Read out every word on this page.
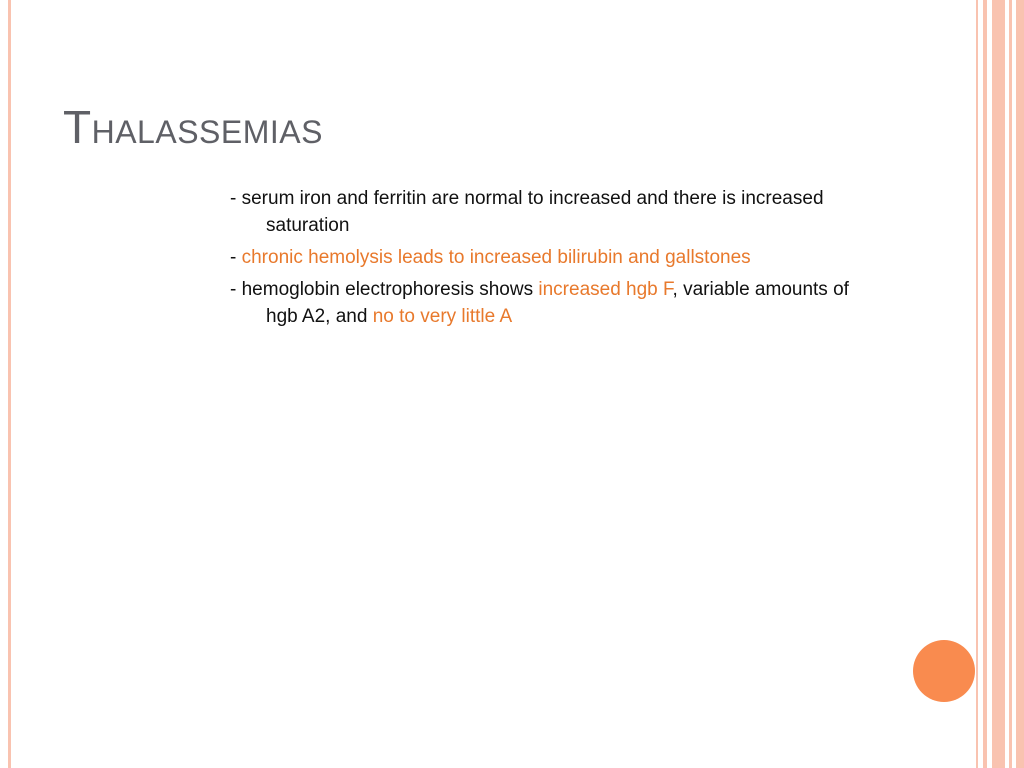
Thalassemias

- serum iron and ferritin are normal to increased and there is increased saturation

- chronic hemolysis leads to increased bilirubin and gallstones

- hemoglobin electrophoresis shows increased hgb F, variable amounts of hgb A2, and no to very little A
